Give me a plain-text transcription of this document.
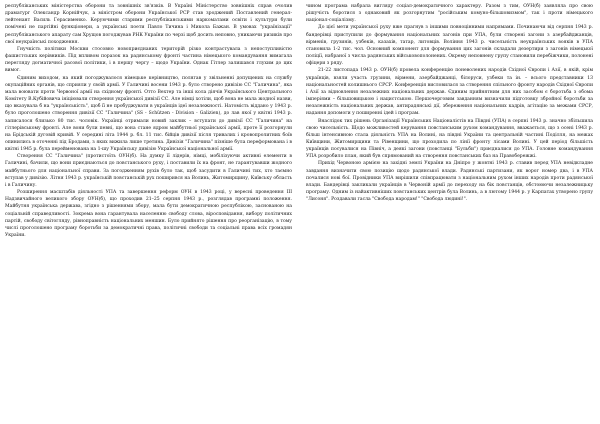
республіканських міністерства оборони та зовнішніх зв'язків. В Україні Міністерство зовнішніх справ очолив драматург Олександр Корнійчук, а міністром оборони Української РСР став зроджений Поставлений генерал-лейтенант Василь Герасименко. Керуючими старими республіканськими наркоматами освіти і культури були помічені не партійні функціонери, а українські поети Павло Тичина і Микола Бажан. В умовах "українізації" республіканського апарату сам Хрущов погоджував РНК України по черзі щоб досить неповно, уникаючи ризиків про свої неукраїнські походження.

Гнучкість політики Москви стосовно новоприєднаних територій різко контрастувала з непоступливістю фашистських керівників. Під впливом поразок на радянському фронті частина німецького командування вимагала перегляду догматичної расової політики, і в першу чергу – щодо України. Однак Гітлер залишався глухим до цих вимог.

Єдиним виходом, на який погоджувалося німецьке керівництво, полягав у звільненні допущених на службу окупаційних органів, що сприяли у своїй армії. У Галичині восени 1943 р. було створено дивізію СС "Галичина", яка мала воювати проти Червоної армії на східному фронті. Отто Вехтер та інші кола діячів Українського Центрального Комітету В.Кубійовича ініціювали створення української дивізії СС. Але німці хотіли, щоб вона не мала жодної назви, що вказувала б на "українськість", щоб її не пробуджувати в українців ідеї незалежності. Натомість віддано у 1943 р. було проголошено створення дивізії СС "Галичина" (SS - Schützen - Division - Galizien), до лав якої у квітні 1943 р. записалося близько 80 тис. чоловік. Українці отримали новий заклик – вступати до дивізії СС "Галичина" на гітлерівському фронті. Але вони були певні, що вона стане ядром майбутньої української армії, проте її розгорнули на Брідській дуговій кривій. У середині літа 1944 р. бл. 11 тис. бійців дивізії після тривалих і кровопролитних боїв опинились в оточенні під Бродами, з яких вижила лише третина. Дивізія "Галичина" пізніше була переформована і в квітні 1945 р. була перейменована на 1-шу Українську дивізію Української національної армії.

Створення СС "Галичина" (протистоїть ОУН(б). На думку її лідерів, німці, мобілізуючи активні елементи в Галичині, бачили, що вони приєднаються до повстанського руху, і поставили їх на фронт, не гарантувавши жодного майбутнього для національної справи. За погодженням рухів було так, щоб засудити в Галичині тих, хто таємно вступав у дивізію. Літня 1943 р. українській повстанській рух поширився на Волинь, Житомирщину, Київську область і в Галичину.

Розширення масштабів діяльності УПА та завершення реформ ОУН в 1943 році, у вересні проведення III Надзвичайного великого збору ОУН(б), що проходив 21–25 серпня 1943 р., розглядав програмні положення. Майбутня українська держава, згідно з рішеннями збору, мала бути демократичною республікою, заснованою на соціальній справедливості. Зокрема вона гарантувала населенню свободу слова, віросповідання, вибору політичних партій, свободу світогляду, рівноправність національних меншин. Було прийнято рішення про реорганізацію, в тому числі проголошено програму боротьби за демократичні права, політичні свободи та соціальні права всіх громадян України.

чином програма набрала вигляду соціал-демократичного характеру. Разом з тим, ОУН(б) заявляла про свою рішучість боротися з однаковий як розгорнутим "російським комуно-більшовизмом", так і проти німецького націонал-соціалізму.

До цієї мети української руху вже прагнув з іншими повноцінними напрямами. Починаючи від серпня 1943 р. бандерівці приступили до формування національних загонів при УПА, були створені загони з азербайджанців, вірменів, грузинів, узбеків, казахів, татар, литовців. Воління 1943 р. чисельність неукраїнських вояків в УПА становила 1-2 тис. чол. Основний компонент для формування цих загонів складали дезертири з загонів німецької поліції, набраної з числа радянських військовополонених. Окрему неповнену групу становили перебіжчики, полонені офіцери з ряду.

21-22 листопада 1943 р. ОУН(б) провела конференцію поневолених народів Східної Європи і Азії, в якій, крім українців, взяли участь грузини, вірмени, азербайджанці, білоруси, узбеки та ін. – всього представники 13 національностей колишнього СРСР. Конференція висловилася за створення спільного фронту народів Східної Європи і Азії за відновлення незалежних національних держав. Єдиним прийнятним для них засобом є боротьба з обома імперіями – більшовицькою і нацистською. Першочерговим завданням визначили підготовку збройної боротьби за незалежність національних держав, антирадянські дії, збереження національних кадрів, агітацію за межами СРСР, надання допомоги у поширенні ідей і програм.

Внаслідок тих рішень Організації Українських Націоналістів на Півдні (УПА) в серпні 1943 р. значно збільшила свою чисельність. Щодо можливостей керування повстанським рухом командування, вважається, що з осені 1943 р. більш інтенсивною стала діяльність УПА на Волині, на півдні України та центральній частині Поділля, на межах Київщини, Житомирщини та Рівенщини, що проходила по лінії фронту лісами Волині. У цей період більшість українців посувалися на Північ, а деякі загони (повстанці "Бульби") приєдналися до УПА. Головне командування УПА розробило план, який був спрямований на створення повстанських баз на Правобережжі.

Прихід Червоною армією на західні землі України на Дніпро у жовтні 1943 р. ставив перед УПА невідкладне завдання визначити свою позицію щодо радянської влади. Радянські партизани, як ворог номер два, і в УПА почалися нові бої. Провідники УПА вирішили співпрацювати з національним рухом інших народів проти радянської влади. Бандерівці закликали українців в Червоній армії до переходу на бік повстанців, обстоюючи незалежницьку програму. Одним із найактивніших повстанських центрів була Волинь, а в лютому 1944 р. у Карпатах утворено групу "Лисоня". Роздавали гасла "Свобода народам!" "Свобода людині!".
